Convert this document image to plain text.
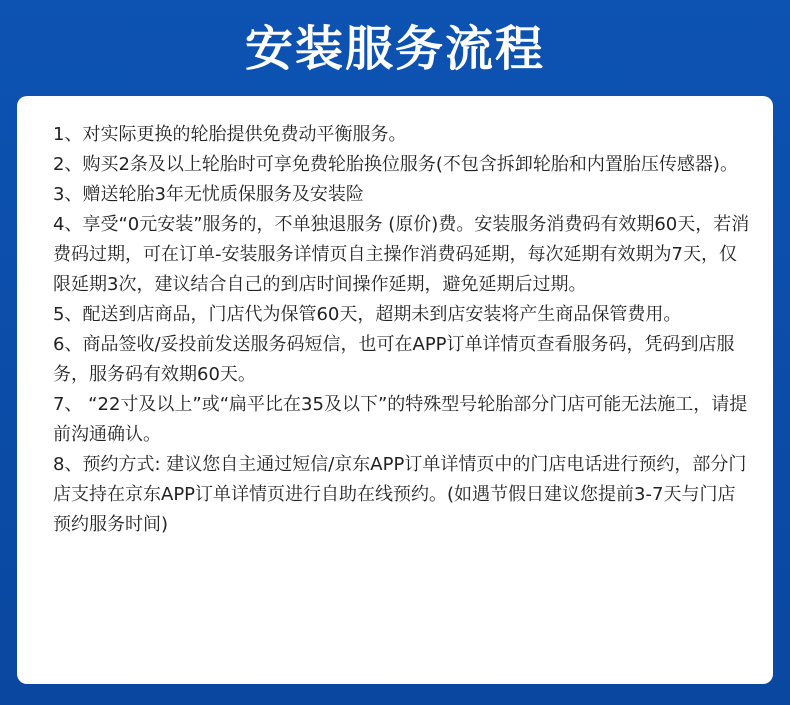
安装服务流程
1、对实际更换的轮胎提供免费动平衡服务。
2、购买2条及以上轮胎时可享免费轮胎换位服务(不包含拆卸轮胎和内置胎压传感器)。
3、赠送轮胎3年无忧质保服务及安装险
4、享受“0元安装”服务的，不单独退服务 (原价)费。安装服务消费码有效期60天，若消费码过期，可在订单-安装服务详情页自主操作消费码延期，每次延期有效期为7天，仅限延期3次，建议结合自己的到店时间操作延期，避免延期后过期。
5、配送到店商品，门店代为保管60天，超期未到店安装将产生商品保管费用。
6、商品签收/妥投前发送服务码短信，也可在APP订单详情页查看服务码，凭码到店服务，服务码有效期60天。
7、 “22寸及以上”或“扁平比在35及以下”的特殊型号轮胎部分门店可能无法施工，请提前沟通确认。
8、预约方式: 建议您自主通过短信/京东APP订单详情页中的门店电话进行预约，部分门店支持在京东APP订单详情页进行自助在线预约。(如遇节假日建议您提前3-7天与门店预约服务时间)
